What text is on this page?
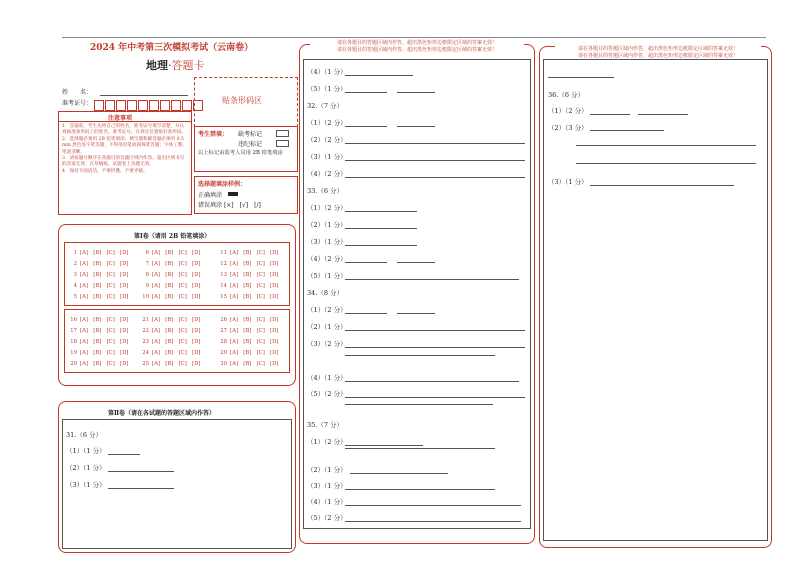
2024 年中考第三次模拟考试（云南卷）
地理·答题卡
姓　　名：
准考证号：	贴条形码区
注意事项
1．答题前，考生先将自己的姓名，准考证号填写清楚，并认真核准条形码上的姓名、准考证号，在规定位置贴好条形码。
2．选择题必须用 2B 铅笔填涂；填空题和解答题必须用 0.5 mm 黑色签字笔答题，不得用铅笔或圆珠笔答题；字体工整、笔迹清晰。
3．请按题号顺序在各题目的答题区域内作答，超出区域书写的答案无效；在草稿纸、试题卷上答题无效。
4．保持卡面清洁，不要折叠、不要弄破。
考生禁填： 缺考标记
违纪标记
以上标记由监考人员用 2B 铅笔填涂
选择题填涂样例：
正确填涂
错误填涂 [×]　[√]　[/]
第Ⅰ卷（请用 2B 铅笔填涂）
1 [A]　[B]　[C]　[D]
2 [A]　[B]　[C]　[D]
3 [A]　[B]　[C]　[D]
4 [A]　[B]　[C]　[D]
5 [A]　[B]　[C]　[D]
6 [A]　[B]　[C]　[D]
7 [A]　[B]　[C]　[D]
8 [A]　[B]　[C]　[D]
9 [A]　[B]　[C]　[D]
10 [A]　[B]　[C]　[D]
11 [A]　[B]　[C]　[D]
12 [A]　[B]　[C]　[D]
13 [A]　[B]　[C]　[D]
14 [A]　[B]　[C]　[D]
15 [A]　[B]　[C]　[D]
16 [A]　[B]　[C]　[D]
17 [A]　[B]　[C]　[D]
18 [A]　[B]　[C]　[D]
19 [A]　[B]　[C]　[D]
20 [A]　[B]　[C]　[D]
21 [A]　[B]　[C]　[D]
22 [A]　[B]　[C]　[D]
23 [A]　[B]　[C]　[D]
24 [A]　[B]　[C]　[D]
25 [A]　[B]　[C]　[D]
26 [A]　[B]　[C]　[D]
27 [A]　[B]　[C]　[D]
28 [A]　[B]　[C]　[D]
29 [A]　[B]　[C]　[D]
30 [A]　[B]　[C]　[D]
第Ⅱ卷（请在各试题的答题区域内作答）
31.（6 分）
（1）（1 分）
（2）（1 分）
（3）（1 分）
请在各题目的答题区域内作答，超出黑色矩形边框限定区域的答案无效！
请在各题目的答题区域内作答，超出黑色矩形边框限定区域的答案无效！
（4）（1 分）
（5）（1 分）
32.（7 分）
（1）（2 分）
（2）（2 分）
（3）（1 分）
（4）（2 分）
33.（6 分）
（1）（2 分）
（2）（1 分）
（3）（1 分）
（4）（2 分）
（5）（1 分）
34.（8 分）
（1）（2 分）
（2）（1 分）
（3）（2 分）
（4）（1 分）
（5）（2 分）
35.（7 分）
（1）（2 分）
（2）（1 分）
（3）（1 分）
（4）（1 分）
（5）（2 分）
请在各题目的答题区域内作答，超出黑色矩形边框限定区域的答案无效！
请在各题目的答题区域内作答，超出黑色矩形边框限定区域的答案无效！
36.（6 分）
（1）（2 分）
（2）（3 分）
（3）（1 分）
